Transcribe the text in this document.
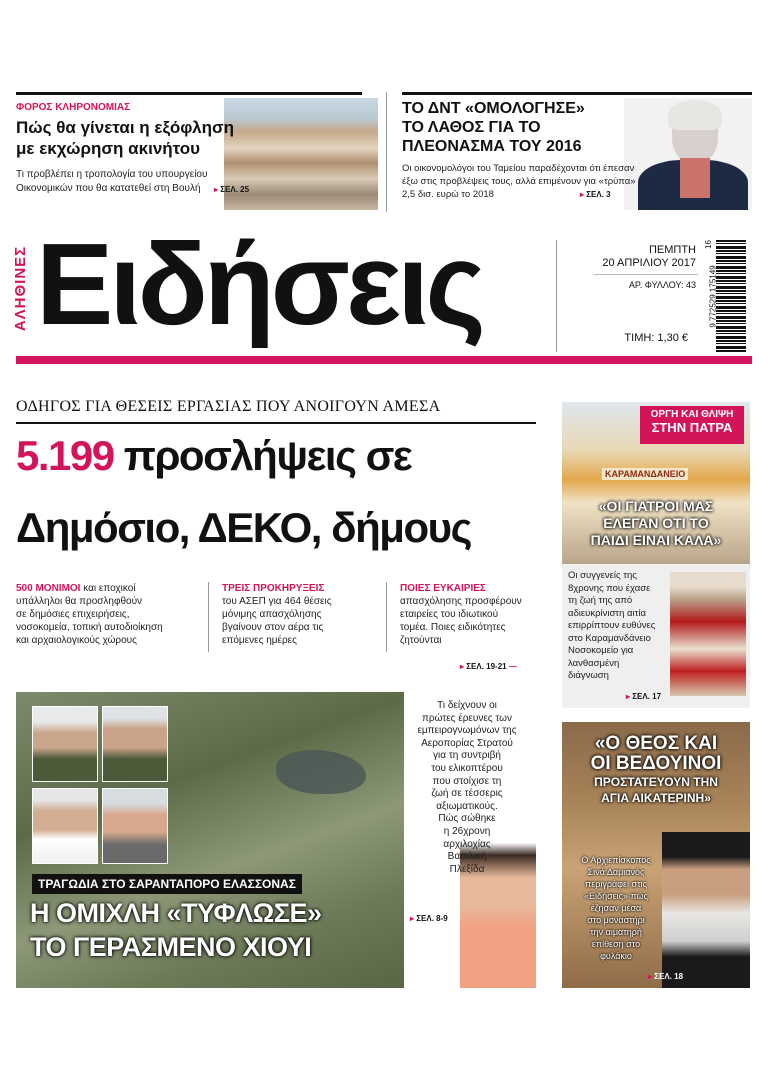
ΦΟΡΟΣ ΚΛΗΡΟΝΟΜΙΑΣ
Πώς θα γίνεται η εξόφληση
με εκχώρηση ακινήτου
Τι προβλέπει η τροπολογία του υπουργείου
Οικονομικών που θα κατατεθεί στη Βουλή ▸ ΣΕΛ. 25
ΤΟ ΔΝΤ «ΟΜΟΛΟΓΗΣΕ»
ΤΟ ΛΑΘΟΣ ΓΙΑ ΤΟ
ΠΛΕΟΝΑΣΜΑ ΤΟΥ 2016
Οι οικονομολόγοι του Ταμείου παραδέχονται ότι έπεσαν
έξω στις προβλέψεις τους, αλλά επιμένουν για «τρύπα»
2,5 δισ. ευρώ το 2018	▸ ΣΕΛ. 3
ΑΛΗΘΙΝΕΣ Ειδήσεις	ΠΕΜΠΤΗ
20 ΑΠΡΙΛΙΟΥ 2017
ΑΡ. ΦΥΛΛΟΥ: 43
ΤΙΜΗ: 1,30 €
9 772529 175149
16
ΟΔΗΓΟΣ ΓΙΑ ΘΕΣΕΙΣ ΕΡΓΑΣΙΑΣ ΠΟΥ ΑΝΟΙΓΟΥΝ ΑΜΕΣΑ
5.199 προσλήψεις σε
Δημόσιο, ΔΕΚΟ, δήμους
500 ΜΟΝΙΜΟΙ και εποχικοί
υπάλληλοι θα προσληφθούν
σε δημόσιες επιχειρήσεις,
νοσοκομεία, τοπική αυτοδιοίκηση
και αρχαιολογικούς χώρους
ΤΡΕΙΣ ΠΡΟΚΗΡΥΞΕΙΣ
του ΑΣΕΠ για 464 θέσεις
μόνιμης απασχόλησης
βγαίνουν στον αέρα τις
επόμενες ημέρες
ΠΟΙΕΣ ΕΥΚΑΙΡΙΕΣ
απασχόλησης προσφέρουν
εταιρείες του ιδιωτικού
τομέα. Ποιες ειδικότητες
ζητούνται
▸ ΣΕΛ. 19-21 —
ΚΑΡΑΜΑΝΔΑΝΕΙΟ
ΟΡΓΗ ΚΑΙ ΘΛΙΨΗ
ΣΤΗΝ ΠΑΤΡΑ
«ΟΙ ΓΙΑΤΡΟΙ ΜΑΣ
ΕΛΕΓΑΝ ΟΤΙ ΤΟ
ΠΑΙΔΙ ΕΙΝΑΙ ΚΑΛΑ»
Οι συγγενείς της
8χρονης που έχασε
τη ζωή της από
αδιευκρίνιστη αιτία
επιρρίπτουν ευθύνες
στο Καραμανδάνειο
Νοσοκομείο για
λανθασμένη
διάγνωση
▸ ΣΕΛ. 17
Τι δείχνουν οι
πρώτες έρευνες των
εμπειρογνωμόνων της
Αεροπορίας Στρατού
για τη συντριβή
του ελικοπτέρου
που στοίχισε τη
ζωή σε τέσσερις
αξιωματικούς.
Πώς σώθηκε
η 26χρονη
αρχιλοχίας
Βασιλική
Πλεξίδα
▸ ΣΕΛ. 8-9
ΤΡΑΓΩΔΙΑ ΣΤΟ ΣΑΡΑΝΤΑΠΟΡΟ ΕΛΑΣΣΟΝΑΣ
Η ΟΜΙΧΛΗ «ΤΥΦΛΩΣΕ»
ΤΟ ΓΕΡΑΣΜΕΝΟ ΧΙΟΥΙ
«Ο ΘΕΟΣ ΚΑΙ
ΟΙ ΒΕΔΟΥΙΝΟΙ
ΠΡΟΣΤΑΤΕΥΟΥΝ ΤΗΝ
ΑΓΙΑ ΑΙΚΑΤΕΡΙΝΗ»
Ο Αρχιεπίσκοπος
Σινά Δαμιανός
περιγράφει στις
«Ειδήσεις» πώς
έζησαν μέσα
στο μοναστήρι
την αιματηρή
επίθεση στο
φυλάκιο
▸ ΣΕΛ. 18
